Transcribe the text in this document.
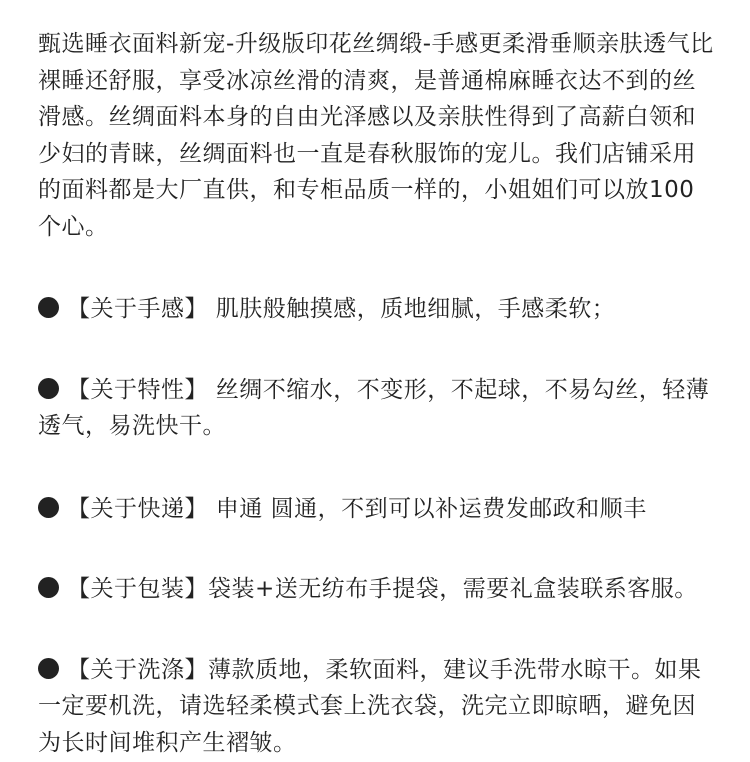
甄选睡衣面料新宠-升级版印花丝绸缎-手感更柔滑垂顺亲肤透气比裸睡还舒服，享受冰凉丝滑的清爽，是普通棉麻睡衣达不到的丝滑感。丝绸面料本身的自由光泽感以及亲肤性得到了高薪白领和少妇的青睐，丝绸面料也一直是春秋服饰的宠儿。我们店铺采用的面料都是大厂直供，和专柜品质一样的，小姐姐们可以放100个心。

【关于手感】 肌肤般触摸感，质地细腻，手感柔软；
【关于特性】 丝绸不缩水，不变形，不起球，不易勾丝，轻薄透气，易洗快干。
【关于快递】 申通 圆通，不到可以补运费发邮政和顺丰
【关于包装】袋装+送无纺布手提袋，需要礼盒装联系客服。
【关于洗涤】薄款质地，柔软面料，建议手洗带水晾干。如果一定要机洗，请选轻柔模式套上洗衣袋，洗完立即晾晒，避免因为长时间堆积产生褶皱。
